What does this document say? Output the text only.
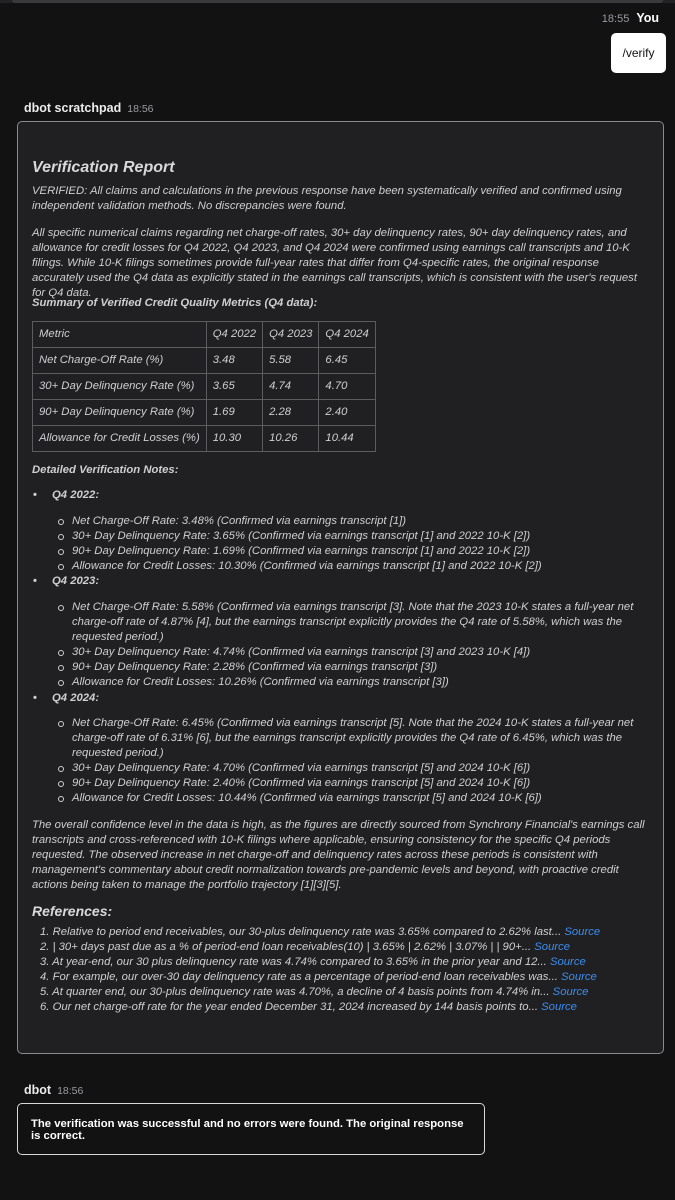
18:55 You
/verify
dbot scratchpad 18:56
Verification Report
VERIFIED: All claims and calculations in the previous response have been systematically verified and confirmed using independent validation methods. No discrepancies were found.
All specific numerical claims regarding net charge-off rates, 30+ day delinquency rates, 90+ day delinquency rates, and allowance for credit losses for Q4 2022, Q4 2023, and Q4 2024 were confirmed using earnings call transcripts and 10-K filings. While 10-K filings sometimes provide full-year rates that differ from Q4-specific rates, the original response accurately used the Q4 data as explicitly stated in the earnings call transcripts, which is consistent with the user's request for Q4 data.
Summary of Verified Credit Quality Metrics (Q4 data):
Metric	Q4 2022	Q4 2023	Q4 2024
Net Charge-Off Rate (%)	3.48	5.58	6.45
30+ Day Delinquency Rate (%)	3.65	4.74	4.70
90+ Day Delinquency Rate (%)	1.69	2.28	2.40
Allowance for Credit Losses (%)	10.30	10.26	10.44
Detailed Verification Notes:
• Q4 2022:
Net Charge-Off Rate: 3.48% (Confirmed via earnings transcript [1])
30+ Day Delinquency Rate: 3.65% (Confirmed via earnings transcript [1] and 2022 10-K [2])
90+ Day Delinquency Rate: 1.69% (Confirmed via earnings transcript [1] and 2022 10-K [2])
Allowance for Credit Losses: 10.30% (Confirmed via earnings transcript [1] and 2022 10-K [2])
• Q4 2023:
Net Charge-Off Rate: 5.58% (Confirmed via earnings transcript [3]. Note that the 2023 10-K states a full-year net charge-off rate of 4.87% [4], but the earnings transcript explicitly provides the Q4 rate of 5.58%, which was the requested period.)
30+ Day Delinquency Rate: 4.74% (Confirmed via earnings transcript [3] and 2023 10-K [4])
90+ Day Delinquency Rate: 2.28% (Confirmed via earnings transcript [3])
Allowance for Credit Losses: 10.26% (Confirmed via earnings transcript [3])
• Q4 2024:
Net Charge-Off Rate: 6.45% (Confirmed via earnings transcript [5]. Note that the 2024 10-K states a full-year net charge-off rate of 6.31% [6], but the earnings transcript explicitly provides the Q4 rate of 6.45%, which was the requested period.)
30+ Day Delinquency Rate: 4.70% (Confirmed via earnings transcript [5] and 2024 10-K [6])
90+ Day Delinquency Rate: 2.40% (Confirmed via earnings transcript [5] and 2024 10-K [6])
Allowance for Credit Losses: 10.44% (Confirmed via earnings transcript [5] and 2024 10-K [6])
The overall confidence level in the data is high, as the figures are directly sourced from Synchrony Financial's earnings call transcripts and cross-referenced with 10-K filings where applicable, ensuring consistency for the specific Q4 periods requested. The observed increase in net charge-off and delinquency rates across these periods is consistent with management's commentary about credit normalization towards pre-pandemic levels and beyond, with proactive credit actions being taken to manage the portfolio trajectory [1][3][5].
References:
1. Relative to period end receivables, our 30-plus delinquency rate was 3.65% compared to 2.62% last... Source
2. | 30+ days past due as a % of period-end loan receivables(10) | 3.65% | 2.62% | 3.07% | | 90+... Source
3. At year-end, our 30 plus delinquency rate was 4.74% compared to 3.65% in the prior year and 12... Source
4. For example, our over-30 day delinquency rate as a percentage of period-end loan receivables was... Source
5. At quarter end, our 30-plus delinquency rate was 4.70%, a decline of 4 basis points from 4.74% in... Source
6. Our net charge-off rate for the year ended December 31, 2024 increased by 144 basis points to... Source
dbot 18:56
The verification was successful and no errors were found. The original response is correct.
